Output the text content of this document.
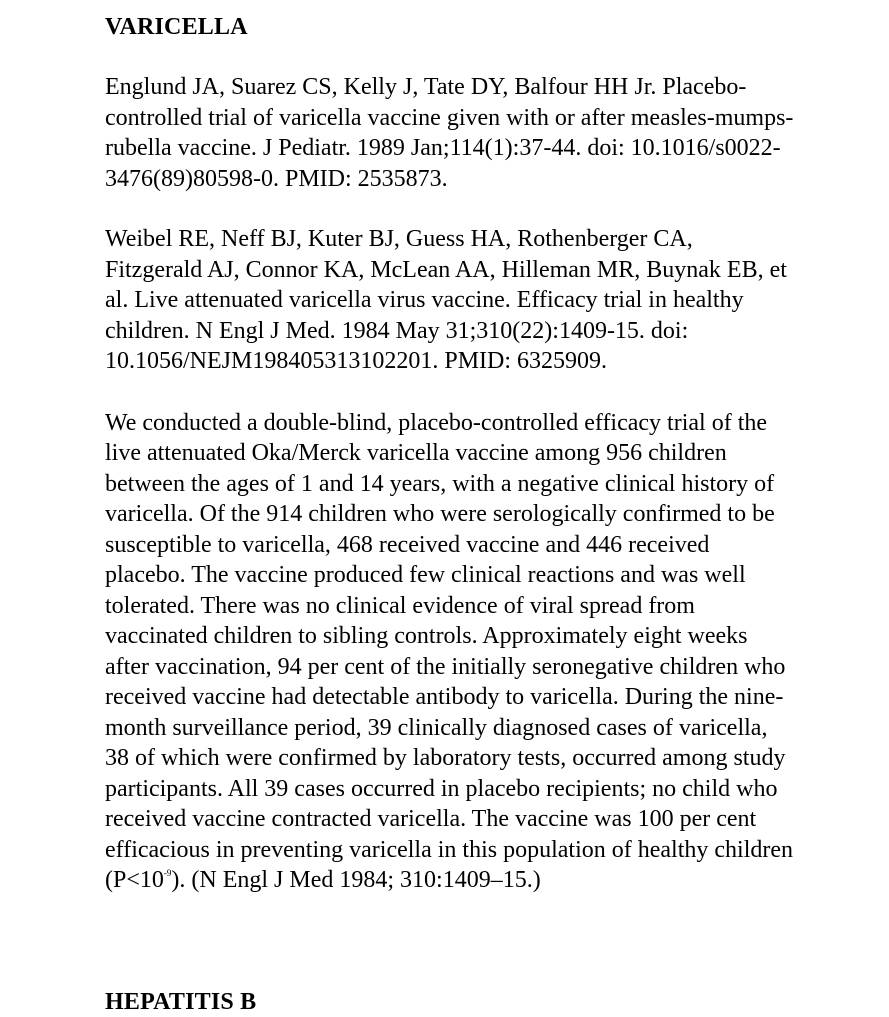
VARICELLA

Englund JA, Suarez CS, Kelly J, Tate DY, Balfour HH Jr. Placebo-controlled trial of varicella vaccine given with or after measles-mumps-rubella vaccine. J Pediatr. 1989 Jan;114(1):37-44. doi: 10.1016/s0022-3476(89)80598-0. PMID: 2535873.

Weibel RE, Neff BJ, Kuter BJ, Guess HA, Rothenberger CA, Fitzgerald AJ, Connor KA, McLean AA, Hilleman MR, Buynak EB, et al. Live attenuated varicella virus vaccine. Efficacy trial in healthy children. N Engl J Med. 1984 May 31;310(22):1409-15. doi: 10.1056/NEJM198405313102201. PMID: 6325909.

We conducted a double-blind, placebo-controlled efficacy trial of the live attenuated Oka/Merck varicella vaccine among 956 children between the ages of 1 and 14 years, with a negative clinical history of varicella. Of the 914 children who were serologically confirmed to be susceptible to varicella, 468 received vaccine and 446 received placebo. The vaccine produced few clinical reactions and was well tolerated. There was no clinical evidence of viral spread from vaccinated children to sibling controls. Approximately eight weeks after vaccination, 94 per cent of the initially seronegative children who received vaccine had detectable antibody to varicella. During the nine-month surveillance period, 39 clinically diagnosed cases of varicella, 38 of which were confirmed by laboratory tests, occurred among study participants. All 39 cases occurred in placebo recipients; no child who received vaccine contracted varicella. The vaccine was 100 per cent efficacious in preventing varicella in this population of healthy children $(P<10^{-9})$. (N Engl J Med 1984; 310:1409–15.)

HEPATITIS B
